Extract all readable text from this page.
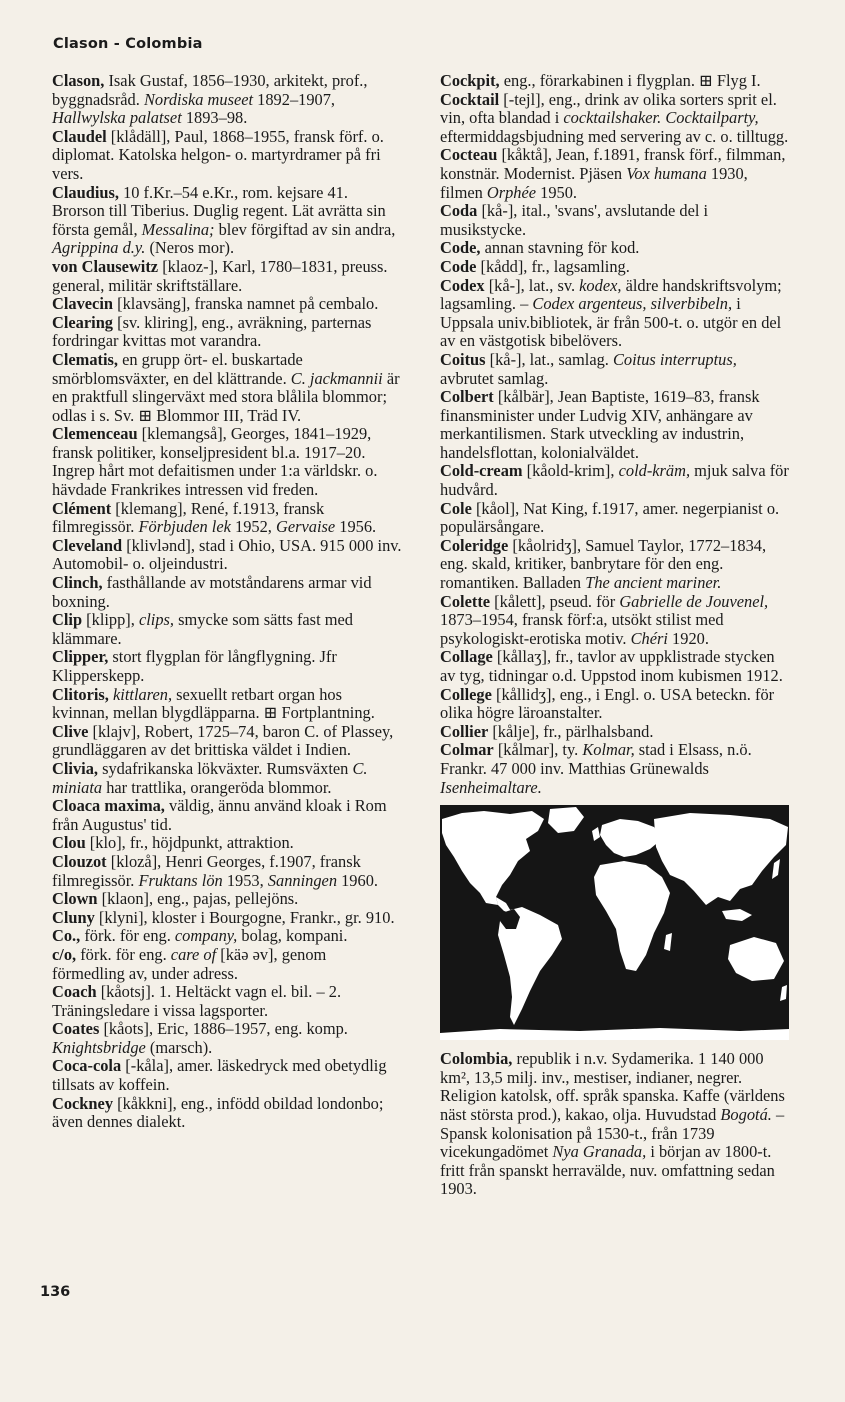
Clason - Colombia
Clason, Isak Gustaf, 1856–1930, arkitekt, prof., byggnadsråd. Nordiska museet 1892–1907, Hallwylska palatset 1893–98.
Claudel [klådäll], Paul, 1868–1955, fransk förf. o. diplomat. Katolska helgon- o. martyrdramer på fri vers.
Claudius, 10 f.Kr.–54 e.Kr., rom. kejsare 41. Brorson till Tiberius. Duglig regent. Lät avrätta sin första gemål, Messalina; blev förgiftad av sin andra, Agrippina d.y. (Neros mor).
von Clausewitz [klaoz-], Karl, 1780–1831, preuss. general, militär skriftställare.
Clavecin [klavsäng], franska namnet på cembalo.
Clearing [sv. kliring], eng., avräkning, parternas fordringar kvittas mot varandra.
Clematis, en grupp ört- el. buskartade smörblomsväxter, en del klättrande. C. jackmannii är en praktfull slingerväxt med stora blålila blommor; odlas i s. Sv. ⊞ Blommor III, Träd IV.
Clemenceau [klemangså], Georges, 1841–1929, fransk politiker, konseljpresident bl.a. 1917–20. Ingrep hårt mot defaitismen under 1:a världskr. o. hävdade Frankrikes intressen vid freden.
Clément [klemang], René, f.1913, fransk filmregissör. Förbjuden lek 1952, Gervaise 1956.
Cleveland [klivlənd], stad i Ohio, USA. 915 000 inv. Automobil- o. oljeindustri.
Clinch, fasthållande av motståndarens armar vid boxning.
Clip [klipp], clips, smycke som sätts fast med klämmare.
Clipper, stort flygplan för långflygning. Jfr Klipperskepp.
Clitoris, kittlaren, sexuellt retbart organ hos kvinnan, mellan blygdläpparna. ⊞ Fortplantning.
Clive [klajv], Robert, 1725–74, baron C. of Plassey, grundläggaren av det brittiska väldet i Indien.
Clivia, sydafrikanska lökväxter. Rumsväxten C. miniata har trattlika, orangeröda blommor.
Cloaca maxima, väldig, ännu använd kloak i Rom från Augustus' tid.
Clou [klo], fr., höjdpunkt, attraktion.
Clouzot [klozå], Henri Georges, f.1907, fransk filmregissör. Fruktans lön 1953, Sanningen 1960.
Clown [klaon], eng., pajas, pellejöns.
Cluny [klyni], kloster i Bourgogne, Frankr., gr. 910.
Co., förk. för eng. company, bolag, kompani.
c/o, förk. för eng. care of [käə əv], genom förmedling av, under adress.
Coach [kåotsj]. 1. Heltäckt vagn el. bil. – 2. Träningsledare i vissa lagsporter.
Coates [kåots], Eric, 1886–1957, eng. komp. Knightsbridge (marsch).
Coca-cola [-kåla], amer. läskedryck med obetydlig tillsats av koffein.
Cockney [kåkkni], eng., infödd obildad londonbo; även dennes dialekt.
Cockpit, eng., förarkabinen i flygplan. ⊞ Flyg I.
Cocktail [-tejl], eng., drink av olika sorters sprit el. vin, ofta blandad i cocktailshaker. Cocktailparty, eftermiddagsbjudning med servering av c. o. tilltugg.
Cocteau [kåktå], Jean, f.1891, fransk förf., filmman, konstnär. Modernist. Pjäsen Vox humana 1930, filmen Orphée 1950.
Coda [kå-], ital., 'svans', avslutande del i musikstycke.
Code, annan stavning för kod.
Code [kådd], fr., lagsamling.
Codex [kå-], lat., sv. kodex, äldre handskriftsvolym; lagsamling. – Codex argenteus, silverbibeln, i Uppsala univ.bibliotek, är från 500-t. o. utgör en del av en västgotisk bibelövers.
Coitus [kå-], lat., samlag. Coitus interruptus, avbrutet samlag.
Colbert [kålbär], Jean Baptiste, 1619–83, fransk finansminister under Ludvig XIV, anhängare av merkantilismen. Stark utveckling av industrin, handelsflottan, kolonialväldet.
Cold-cream [kåold-krim], cold-kräm, mjuk salva för hudvård.
Cole [kåol], Nat King, f.1917, amer. negerpianist o. populärsångare.
Coleridge [kåolridʒ], Samuel Taylor, 1772–1834, eng. skald, kritiker, banbrytare för den eng. romantiken. Balladen The ancient mariner.
Colette [kålett], pseud. för Gabrielle de Jouvenel, 1873–1954, fransk förf:a, utsökt stilist med psykologiskt-erotiska motiv. Chéri 1920.
Collage [kållaʒ], fr., tavlor av uppklistrade stycken av tyg, tidningar o.d. Uppstod inom kubismen 1912.
College [kållidʒ], eng., i Engl. o. USA beteckn. för olika högre läroanstalter.
Collier [kålje], fr., pärlhalsband.
Colmar [kålmar], ty. Kolmar, stad i Elsass, n.ö. Frankr. 47 000 inv. Matthias Grünewalds Isenheimaltare.
Colombia, republik i n.v. Sydamerika. 1 140 000 km², 13,5 milj. inv., mestiser, indianer, negrer. Religion katolsk, off. språk spanska. Kaffe (världens näst största prod.), kakao, olja. Huvudstad Bogotá. – Spansk kolonisation på 1530-t., från 1739 vicekungadömet Nya Granada, i början av 1800-t. fritt från spanskt herravälde, nuv. omfattning sedan 1903.
136
